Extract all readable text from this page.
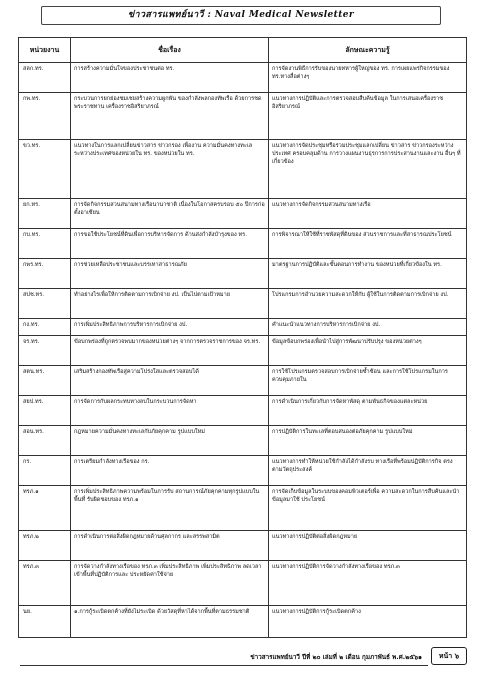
ข่าวสารแพทย์นาวี : Naval Medical Newsletter
หน่วยงาน	ชื่อเรื่อง	ลักษณะความรู้
สลก.ทร.	การสร้างความมั่นใจของประชาชนต่อ ทร.	การจัดงานพิธีการรับของนายทหารผู้ใหญ่ของ ทร. การเผยแพร่กิจกรรมของ ทร.ทางสื่อต่างๆ
กพ.ทร.	กระบวนการยกย่องชมเชยสร้างความผูกพัน ของกำลังพลกองทัพเรือ ด้วยการชดพระราชทาน เครื่องราชอิสริยาภรณ์	แนวทางการปฏิบัติและการตรวจสอบสืบค้นข้อมูล ในการเสนอเครื่องราชอิสริยาภรณ์
ขว.ทร.	แนวทางในการแลกเปลี่ยนข่าวสาร ข่าวกรอง เพื่องาน ความมั่นคงทางทะเลระหว่างประเทศของหน่วยใน ทร. ของหน่วยใน ทร.	แนวทางการจัดประชุมหรือร่วมประชุมแลกเปลี่ยน ข่าวสาร ข่าวกรองระหว่างประเทศ ครอบคลุมด้าน การวางแผนงานธุรการการประสานงานและงาน อื่นๆ ที่เกี่ยวข้อง
ยก.ทร.	การจัดกิจกรรมสวนสนามทางเรือนานาชาติ เนื่องในโอกาสครบรอบ ๕๐ ปีการก่อตั้งอาเซียน	แนวทางการจัดกิจกรรมสวนสนามทางเรือ
กบ.ทร.	การขอใช้ประโยชน์ที่ดินเพื่อการบริหารจัดการ ด้านส่งกำลังบำรุงของ ทร.	การพิจารณาให้ใช้ที่ราชพัสดุที่ดินของ ส่วนราชการและที่สาธารณประโยชน์
กพร.ทร.	การช่วยเหลือประชาชนและบรรเทาสาธารณภัย	มาตรฐานการปฏิบัติและขั้นตอนการทำงาน ของหน่วยที่เกี่ยวข้องใน ทร.
สปช.ทร.	ทำอย่างไรเพื่อให้การติดตามการเบิกจ่าย งป. เป็นไปตามเป้าหมาย	โปรแกรมการอำนวยความสะดวกให้กับ ผู้ใช้ในการติดตามการเบิกจ่าย งป.
กง.ทร.	การเพิ่มประสิทธิภาพการบริหารการเบิกจ่าย งป.	คำแนะนำแนวทางการบริหารการเบิกจ่าย งป.
จร.ทร.	ข้อบกพร่องที่ถูกตรวจพบมากของหน่วยต่างๆ จากการตรวจราชการของ จร.ทร.	ข้อมูลข้อบกพร่องเพื่อนำไปสู่การพัฒนาปรับปรุง ของหน่วยต่างๆ
สตน.ทร.	เสริมสร้างกองทัพเรือสู่ความโปร่งใสและตรวจสอบได้	การใช้โปรแกรมตรวจสอบการเบิกจ่ายซ้ำซ้อน และการใช้โปรแกรมในการควบคุมภายใน
สยป.ทร.	การจัดการกับผลกระทบทางลบในกระบวนการจัดหา	การดำเนินการเกี่ยวกับการจัดหาพัสดุ ตามพันธกิจของแต่ละหน่วย
สอน.ทร.	กฎหมายความมั่นคงทางทะเลกับภัยคุกคาม รูปแบบใหม่	การปฏิบัติการในทะเลที่ตอบสนองต่อภัยคุกคาม รูปแบบใหม่
กร.	การเตรียมกำลังทางเรือของ กร.	แนวทางการทำให้หน่วยใช้กำลังได้กำลังรบ ทางเรือที่พร้อมปฏิบัติการกิจ ตรงตามวัตถุประสงค์
ทรภ.๑	การเพิ่มประสิทธิภาพความพร้อมในการรับ สถานการณ์ภัยคุกคามทุกรูปแบบในพื้นที่ รับผิดชอบของ ทรภ.๑	การจัดเก็บข้อมูลในระบบของคอมพิวเตอร์เพื่อ ความสะดวกในการสืบค้นและนำข้อมูลมาใช้ ประโยชน์
ทรภ.๒	การดำเนินการต่อสิ่งผิดกฎหมายด้านศุลกากร และสรรพสามิต	แนวทางการปฏิบัติต่อสิ่งผิดกฎหมาย
ทรภ.๓	การจัดวางกำลังทางเรือของ ทรภ.๓ เพิ่มประสิทธิภาพ เพิ่มประสิทธิภาพ ลดเวลาเข้าพื้นที่ปฏิบัติการและ ประหยัดค่าใช้จ่าย	แนวทางการปฏิบัติการจัดวางกำลังทางเรือของ ทรภ.๓
นย.	๑.การกู้ระเบิดตกค้างที่ยังไม่ระเบิด ด้วยวัสดุที่หาได้จากพื้นที่ตามธรรมชาติ	แนวทางการปฏิบัติการกู้ระเบิดตกค้าง
ข่าวสารแพทย์นาวี ปีที่ ๒๐ เล่มที่ ๒ เดือน กุมภาพันธ์ พ.ศ.๒๕๖๑	หน้า ๖
